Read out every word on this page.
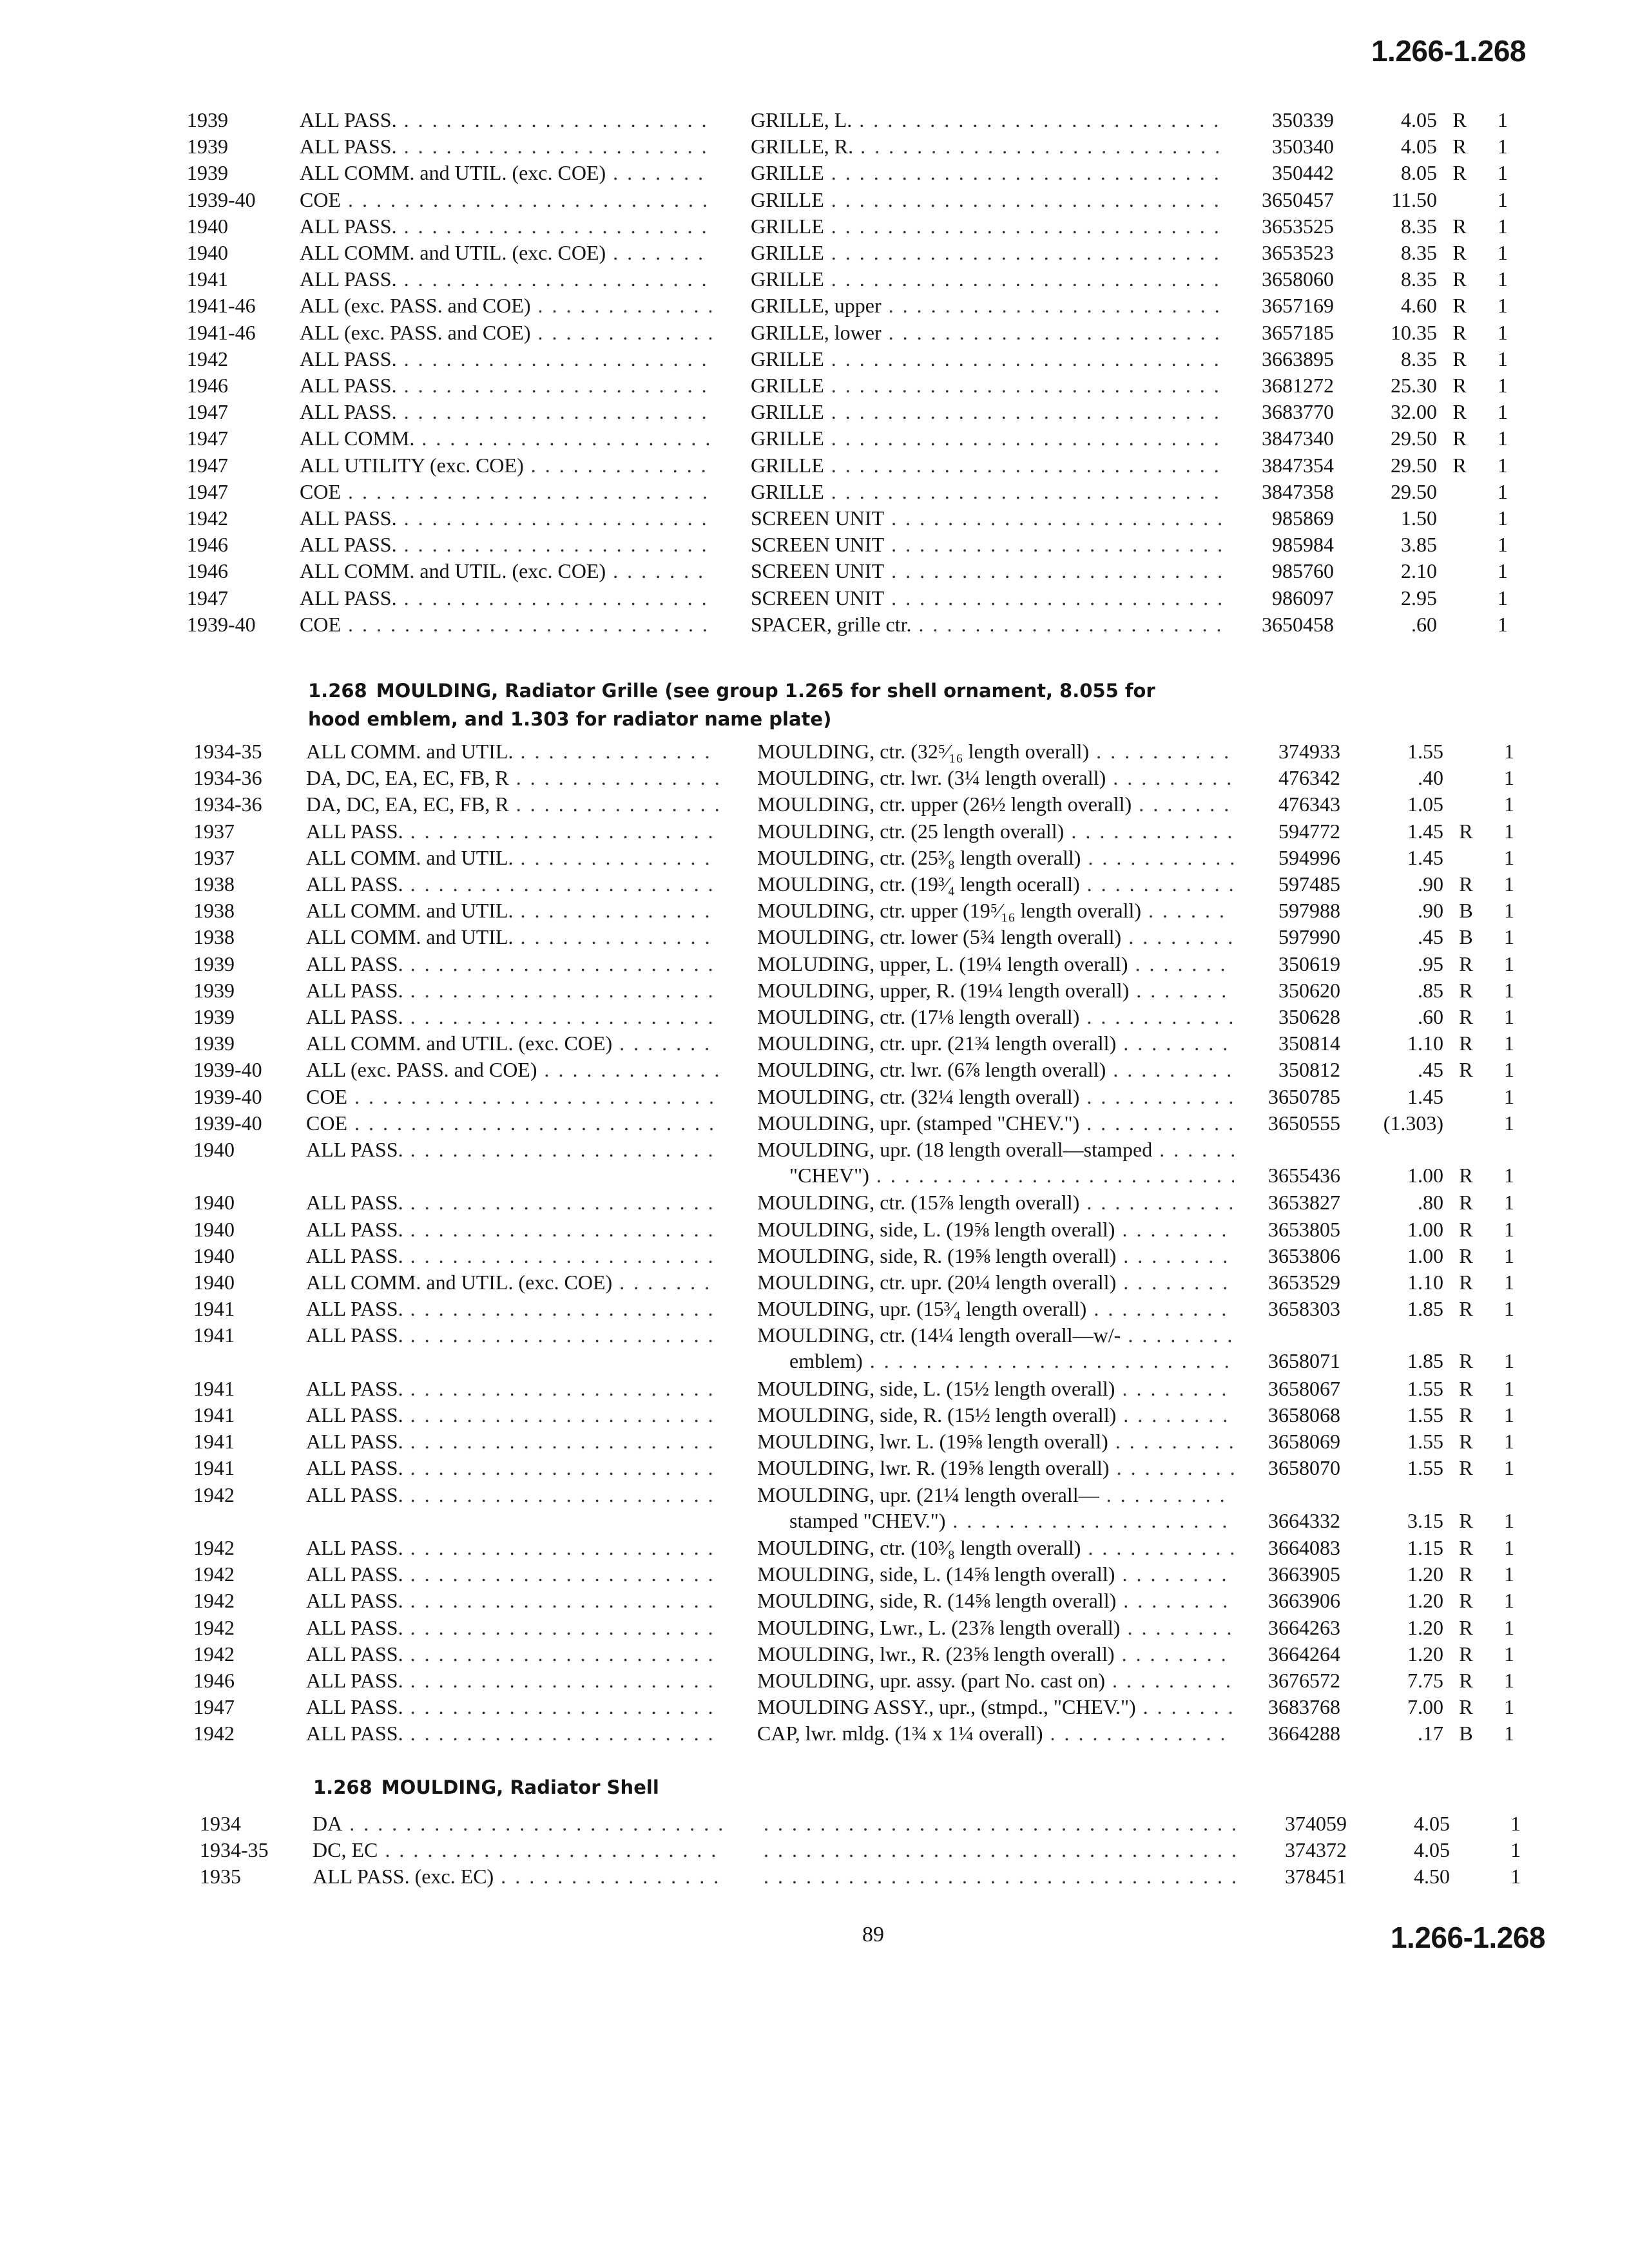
1.266-1.268
1939	ALL PASS. . . .	GRILLE, L. . . .	350339	4.05 R	1
1939	ALL PASS. . . .	GRILLE, R. . . .	350340	4.05 R	1
1939	ALL COMM. and UTIL. (exc. COE) . . .	GRILLE . . .	350442	8.05 R	1
1939-40 COE . . .	GRILLE . . .	3650457	11.50	1
1940	ALL PASS. . . .	GRILLE . . .	3653525	8.35 R	1
1940	ALL COMM. and UTIL. (exc. COE) . . .	GRILLE . . .	3653523	8.35 R	1
1941	ALL PASS. . . .	GRILLE . . .	3658060	8.35 R	1
1941-46 ALL (exc. PASS. and COE) . . .	GRILLE, upper . . .	3657169	4.60 R	1
1941-46 ALL (exc. PASS. and COE) . . .	GRILLE, lower . . .	3657185	10.35 R	1
1942	ALL PASS. . . .	GRILLE . . .	3663895	8.35 R	1
1946	ALL PASS. . . .	GRILLE . . .	3681272	25.30 R	1
1947	ALL PASS. . . .	GRILLE . . .	3683770	32.00 R	1
1947	ALL COMM. . . .	GRILLE . . .	3847340	29.50 R	1
1947	ALL UTILITY (exc. COE) . . .	GRILLE . . .	3847354	29.50 R	1
1947	COE . . .	GRILLE . . .	3847358	29.50	1
1942	ALL PASS. . . .	SCREEN UNIT . . .	985869	1.50	1
1946	ALL PASS. . . .	SCREEN UNIT . . .	985984	3.85	1
1946	ALL COMM. and UTIL. (exc. COE) . . .	SCREEN UNIT . . .	985760	2.10	1
1947	ALL PASS. . . .	SCREEN UNIT . . .	986097	2.95	1
1939-40 COE . . .	SPACER, grille ctr. . . .	3650458	.60	1
1.268 MOULDING, Radiator Grille (see group 1.265 for shell ornament, 8.055 for
hood emblem, and 1.303 for radiator name plate)
1934-35 ALL COMM. and UTIL. . . .	MOULDING, ctr. (32⁵⁄₁₆ length overall) . . .	374933	1.55	1
1934-36 DA, DC, EA, EC, FB, R . . .	MOULDING, ctr. lwr. (3¼ length overall) . . .	476342	.40	1
1934-36 DA, DC, EA, EC, FB, R . . .	MOULDING, ctr. upper (26½ length overall) . . .	476343	1.05	1
1937	ALL PASS. . . .	MOULDING, ctr. (25 length overall) . . .	594772	1.45 R	1
1937	ALL COMM. and UTIL. . . .	MOULDING, ctr. (25³⁄₈ length overall) . . .	594996	1.45	1
1938	ALL PASS. . . .	MOULDING, ctr. (19³⁄₄ length ocerall) . . .	597485	.90 R	1
1938	ALL COMM. and UTIL. . . .	MOULDING, ctr. upper (19⁵⁄₁₆ length overall) . . .	597988	.90 B	1
1938	ALL COMM. and UTIL. . . .	MOULDING, ctr. lower (5¾ length overall) . . .	597990	.45 B	1
1939	ALL PASS. . . .	MOLUDING, upper, L. (19¼ length overall) . . .	350619	.95 R	1
1939	ALL PASS. . . .	MOULDING, upper, R. (19¼ length overall) . . .	350620	.85 R	1
1939	ALL PASS. . . .	MOULDING, ctr. (17⅛ length overall) . . .	350628	.60 R	1
1939	ALL COMM. and UTIL. (exc. COE) . . .	MOULDING, ctr. upr. (21¾ length overall) . . .	350814	1.10 R	1
1939-40 ALL (exc. PASS. and COE) . . .	MOULDING, ctr. lwr. (6⅞ length overall) . . .	350812	.45 R	1
1939-40 COE . . .	MOULDING, ctr. (32¼ length overall) . . .	3650785	1.45	1
1939-40 COE . . .	MOULDING, upr. (stamped "CHEV.") . . .	3650555	(1.303)	1
1940	ALL PASS. . . .	MOULDING, upr. (18 length overall—stamped . . .
"CHEV") . . .	3655436	1.00 R	1
1940	ALL PASS. . . .	MOULDING, ctr. (15⅞ length overall) . . .	3653827	.80 R	1
1940	ALL PASS. . . .	MOULDING, side, L. (19⅝ length overall) . . .	3653805	1.00 R	1
1940	ALL PASS. . . .	MOULDING, side, R. (19⅝ length overall) . . .	3653806	1.00 R	1
1940	ALL COMM. and UTIL. (exc. COE) . . .	MOULDING, ctr. upr. (20¼ length overall) . . .	3653529	1.10 R	1
1941	ALL PASS. . . .	MOULDING, upr. (15³⁄₄ length overall) . . .	3658303	1.85 R	1
1941	ALL PASS. . . .	MOULDING, ctr. (14¼ length overall—w/- . . .
emblem) . . .	3658071	1.85 R	1
1941	ALL PASS. . . .	MOULDING, side, L. (15½ length overall) . . .	3658067	1.55 R	1
1941	ALL PASS. . . .	MOULDING, side, R. (15½ length overall) . . .	3658068	1.55 R	1
1941	ALL PASS. . . .	MOULDING, lwr. L. (19⅝ length overall) . . .	3658069	1.55 R	1
1941	ALL PASS. . . .	MOULDING, lwr. R. (19⅝ length overall) . . .	3658070	1.55 R	1
1942	ALL PASS. . . .	MOULDING, upr. (21¼ length overall— . . .
stamped "CHEV.") . . .	3664332	3.15 R	1
1942	ALL PASS. . . .	MOULDING, ctr. (10³⁄₈ length overall) . . .	3664083	1.15 R	1
1942	ALL PASS. . . .	MOULDING, side, L. (14⅝ length overall) . . .	3663905	1.20 R	1
1942	ALL PASS. . . .	MOULDING, side, R. (14⅝ length overall) . . .	3663906	1.20 R	1
1942	ALL PASS. . . .	MOULDING, Lwr., L. (23⅞ length overall) . . .	3664263	1.20 R	1
1942	ALL PASS. . . .	MOULDING, lwr., R. (23⅝ length overall) . . .	3664264	1.20 R	1
1946	ALL PASS. . . .	MOULDING, upr. assy. (part No. cast on) . . .	3676572	7.75 R	1
1947	ALL PASS. . . .	MOULDING ASSY., upr., (stmpd., "CHEV.") . . .	3683768	7.00 R	1
1942	ALL PASS. . . .	CAP, lwr. mldg. (1¾ x 1¼ overall) . . .	3664288	.17 B	1
1.268 MOULDING, Radiator Shell
1934	DA . . . . . .	374059	4.05	1
1934-35 DC, EC . . . . . .	374372	4.05	1
1935	ALL PASS. (exc. EC) . . . . . .	378451	4.50	1
89	1.266-1.268
